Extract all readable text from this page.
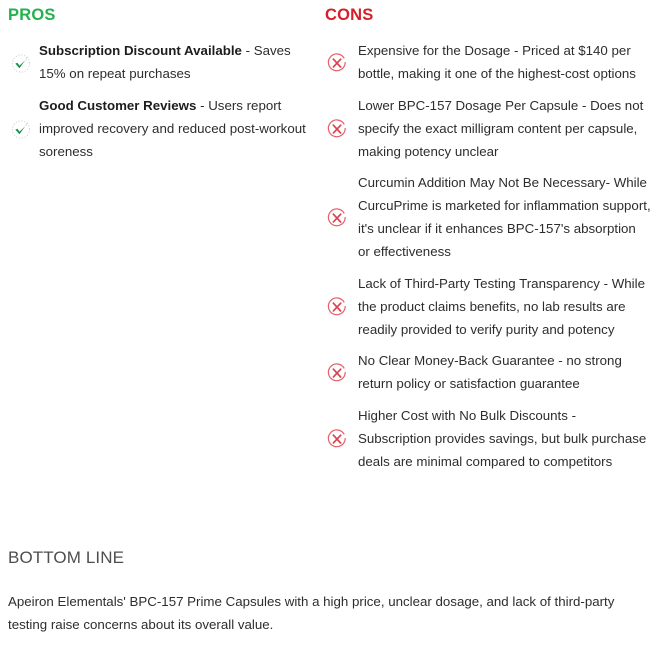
PROS
Subscription Discount Available - Saves 15% on repeat purchases
Good Customer Reviews - Users report improved recovery and reduced post-workout soreness
CONS
Expensive for the Dosage - Priced at $140 per bottle, making it one of the highest-cost options
Lower BPC-157 Dosage Per Capsule - Does not specify the exact milligram content per capsule, making potency unclear
Curcumin Addition May Not Be Necessary- While CurcuPrime is marketed for inflammation support, it's unclear if it enhances BPC-157's absorption or effectiveness
Lack of Third-Party Testing Transparency - While the product claims benefits, no lab results are readily provided to verify purity and potency
No Clear Money-Back Guarantee - no strong return policy or satisfaction guarantee
Higher Cost with No Bulk Discounts - Subscription provides savings, but bulk purchase deals are minimal compared to competitors
BOTTOM LINE

Apeiron Elementals' BPC-157 Prime Capsules with a high price, unclear dosage, and lack of third-party testing raise concerns about its overall value.
